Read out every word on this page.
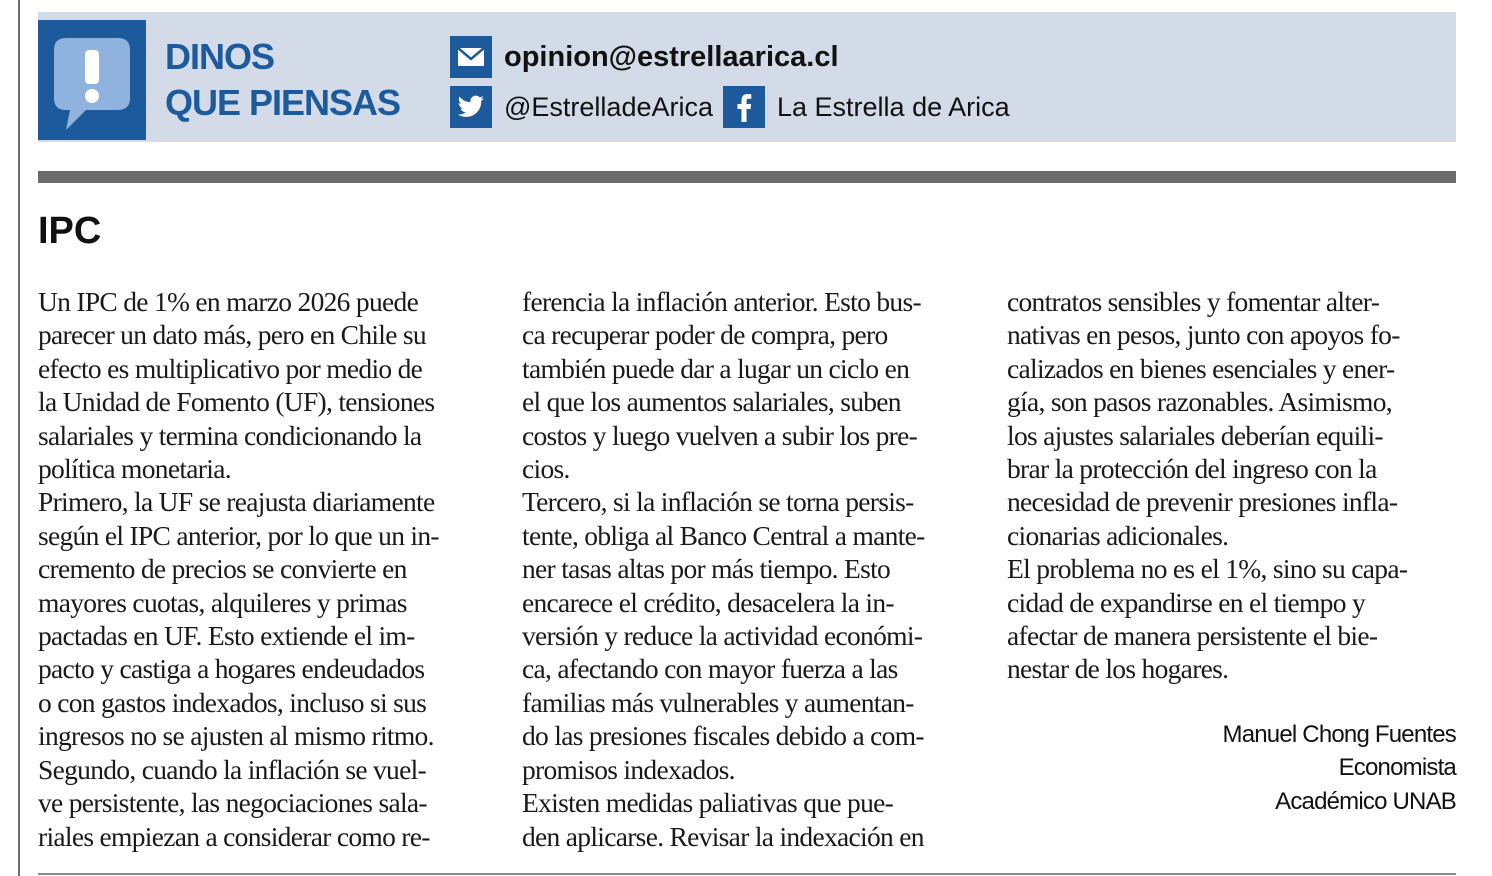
DINOS
QUE PIENSAS
opinion@estrellaarica.cl
@EstrelladeArica La Estrella de Arica
IPC
Un IPC de 1% en marzo 2026 puede
parecer un dato más, pero en Chile su
efecto es multiplicativo por medio de
la Unidad de Fomento (UF), tensiones
salariales y termina condicionando la
política monetaria.
Primero, la UF se reajusta diariamente
según el IPC anterior, por lo que un in-
cremento de precios se convierte en
mayores cuotas, alquileres y primas
pactadas en UF. Esto extiende el im-
pacto y castiga a hogares endeudados
o con gastos indexados, incluso si sus
ingresos no se ajusten al mismo ritmo.
Segundo, cuando la inflación se vuel-
ve persistente, las negociaciones sala-
riales empiezan a considerar como re-
ferencia la inflación anterior. Esto bus-
ca recuperar poder de compra, pero
también puede dar a lugar un ciclo en
el que los aumentos salariales, suben
costos y luego vuelven a subir los pre-
cios.
Tercero, si la inflación se torna persis-
tente, obliga al Banco Central a mante-
ner tasas altas por más tiempo. Esto
encarece el crédito, desacelera la in-
versión y reduce la actividad económi-
ca, afectando con mayor fuerza a las
familias más vulnerables y aumentan-
do las presiones fiscales debido a com-
promisos indexados.
Existen medidas paliativas que pue-
den aplicarse. Revisar la indexación en
contratos sensibles y fomentar alter-
nativas en pesos, junto con apoyos fo-
calizados en bienes esenciales y ener-
gía, son pasos razonables. Asimismo,
los ajustes salariales deberían equili-
brar la protección del ingreso con la
necesidad de prevenir presiones infla-
cionarias adicionales.
El problema no es el 1%, sino su capa-
cidad de expandirse en el tiempo y
afectar de manera persistente el bie-
nestar de los hogares.
Manuel Chong Fuentes
Economista
Académico UNAB
